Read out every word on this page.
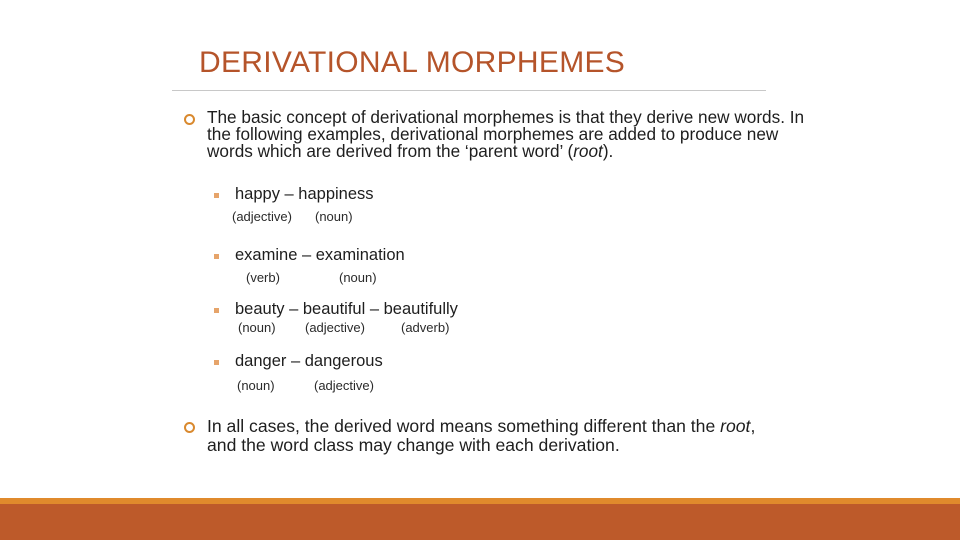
DERIVATIONAL MORPHEMES
The basic concept of derivational morphemes is that they derive new words. In the following examples, derivational morphemes are added to produce new words which are derived from the ‘parent word’ (root).
happy – happiness
(adjective) (noun)
examine – examination
(verb)	(noun)
beauty – beautiful – beautifully
(noun) (adjective)	(adverb)
danger – dangerous
(noun)	(adjective)
In all cases, the derived word means something different than the root, and the word class may change with each derivation.
